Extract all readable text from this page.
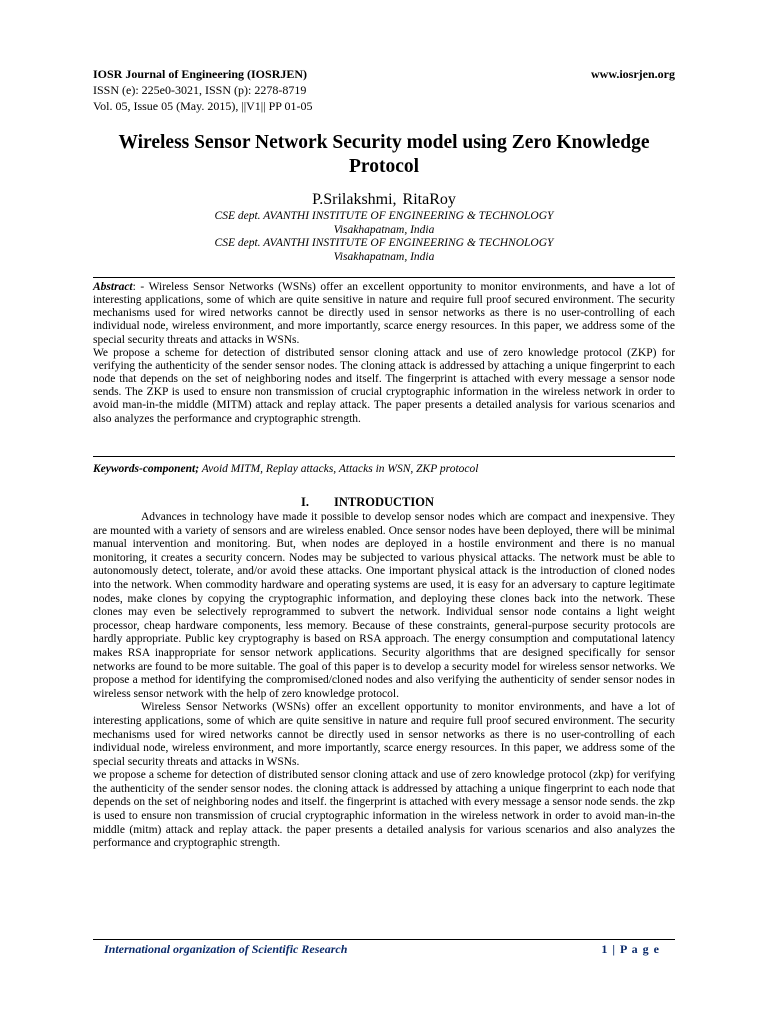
IOSR Journal of Engineering (IOSRJEN)	www.iosrjen.org
ISSN (e): 225e0-3021, ISSN (p): 2278-8719
Vol. 05, Issue 05 (May. 2015), ||V1|| PP 01-05
Wireless Sensor Network Security model using Zero Knowledge Protocol
P.Srilakshmi, RitaRoy
CSE dept. AVANTHI INSTITUTE OF ENGINEERING & TECHNOLOGY
Visakhapatnam, India
CSE dept. AVANTHI INSTITUTE OF ENGINEERING & TECHNOLOGY
Visakhapatnam, India

Abstract: - Wireless Sensor Networks (WSNs) offer an excellent opportunity to monitor environments, and have a lot of interesting applications, some of which are quite sensitive in nature and require full proof secured environment. The security mechanisms used for wired networks cannot be directly used in sensor networks as there is no user-controlling of each individual node, wireless environment, and more importantly, scarce energy resources. In this paper, we address some of the special security threats and attacks in WSNs.

We propose a scheme for detection of distributed sensor cloning attack and use of zero knowledge protocol (ZKP) for verifying the authenticity of the sender sensor nodes. The cloning attack is addressed by attaching a unique fingerprint to each node that depends on the set of neighboring nodes and itself. The fingerprint is attached with every message a sensor node sends. The ZKP is used to ensure non transmission of crucial cryptographic information in the wireless network in order to avoid man-in-the middle (MITM) attack and replay attack. The paper presents a detailed analysis for various scenarios and also analyzes the performance and cryptographic strength.

Keywords-component; Avoid MITM, Replay attacks, Attacks in WSN, ZKP protocol
I. INTRODUCTION

Advances in technology have made it possible to develop sensor nodes which are compact and inexpensive. They are mounted with a variety of sensors and are wireless enabled. Once sensor nodes have been deployed, there will be minimal manual intervention and monitoring. But, when nodes are deployed in a hostile environment and there is no manual monitoring, it creates a security concern. Nodes may be subjected to various physical attacks. The network must be able to autonomously detect, tolerate, and/or avoid these attacks. One important physical attack is the introduction of cloned nodes into the network. When commodity hardware and operating systems are used, it is easy for an adversary to capture legitimate nodes, make clones by copying the cryptographic information, and deploying these clones back into the network. These clones may even be selectively reprogrammed to subvert the network. Individual sensor node contains a light weight processor, cheap hardware components, less memory. Because of these constraints, general-purpose security protocols are hardly appropriate. Public key cryptography is based on RSA approach. The energy consumption and computational latency makes RSA inappropriate for sensor network applications. Security algorithms that are designed specifically for sensor networks are found to be more suitable. The goal of this paper is to develop a security model for wireless sensor networks. We propose a method for identifying the compromised/cloned nodes and also verifying the authenticity of sender sensor nodes in wireless sensor network with the help of zero knowledge protocol.

Wireless Sensor Networks (WSNs) offer an excellent opportunity to monitor environments, and have a lot of interesting applications, some of which are quite sensitive in nature and require full proof secured environment. The security mechanisms used for wired networks cannot be directly used in sensor networks as there is no user-controlling of each individual node, wireless environment, and more importantly, scarce energy resources. In this paper, we address some of the special security threats and attacks in WSNs.

we propose a scheme for detection of distributed sensor cloning attack and use of zero knowledge protocol (zkp) for verifying the authenticity of the sender sensor nodes. the cloning attack is addressed by attaching a unique fingerprint to each node that depends on the set of neighboring nodes and itself. the fingerprint is attached with every message a sensor node sends. the zkp is used to ensure non transmission of crucial cryptographic information in the wireless network in order to avoid man-in-the middle (mitm) attack and replay attack. the paper presents a detailed analysis for various scenarios and also analyzes the performance and cryptographic strength.

International organization of Scientific Research	1 | P a g e
